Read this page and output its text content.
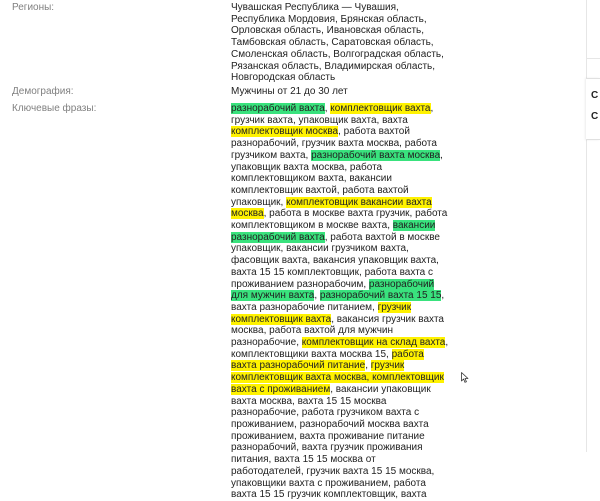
Регионы:	Чувашская Республика — Чувашия, Республика Мордовия, Брянская область, Орловская область, Ивановская область, Тамбовская область, Саратовская область, Смоленская область, Волгоградская область, Рязанская область, Владимирская область, Новгородская область
Демография:	Мужчины от 21 до 30 лет
Ключевые фразы:	разнорабочий вахта, комплектовщик вахта, грузчик вахта, упаковщик вахта, вахта комплектовщик москва, работа вахтой разнорабочий, грузчик вахта москва, работа грузчиком вахта, разнорабочий вахта москва, упаковщик вахта москва, работа комплектовщиком вахта, вакансии комплектовщик вахтой, работа вахтой упаковщик, комплектовщик вакансии вахта москва, работа в москве вахта грузчик, работа комплектовщиком в москве вахта, вакансии разнорабочий вахта, работа вахтой в москве упаковщик, вакансии грузчиком вахта, фасовщик вахта, вакансия упаковщик вахта, вахта 15 15 комплектовщик, работа вахта с проживанием разнорабочим, разнорабочий для мужчин вахта, разнорабочий вахта 15 15, вахта разнорабочие питанием, грузчик комплектовщик вахта, вакансия грузчик вахта москва, работа вахтой для мужчин разнорабочие, комплектовщик на склад вахта, комплектовщики вахта москва 15, работа вахта разнорабочий питание, грузчик комплектовщик вахта москва, комплектовщик вахта с проживанием, вакансии упаковщик вахта москва, вахта 15 15 москва разнорабочие, работа грузчиком вахта с проживанием, разнорабочий москва вахта проживанием, вахта проживание питание разнорабочий, вахта грузчик проживания питания, вахта 15 15 москва от работодателей, грузчик вахта 15 15 москва, упаковщики вахта с проживанием, работа вахта 15 15 грузчик комплектовщик, вахта
С
С
